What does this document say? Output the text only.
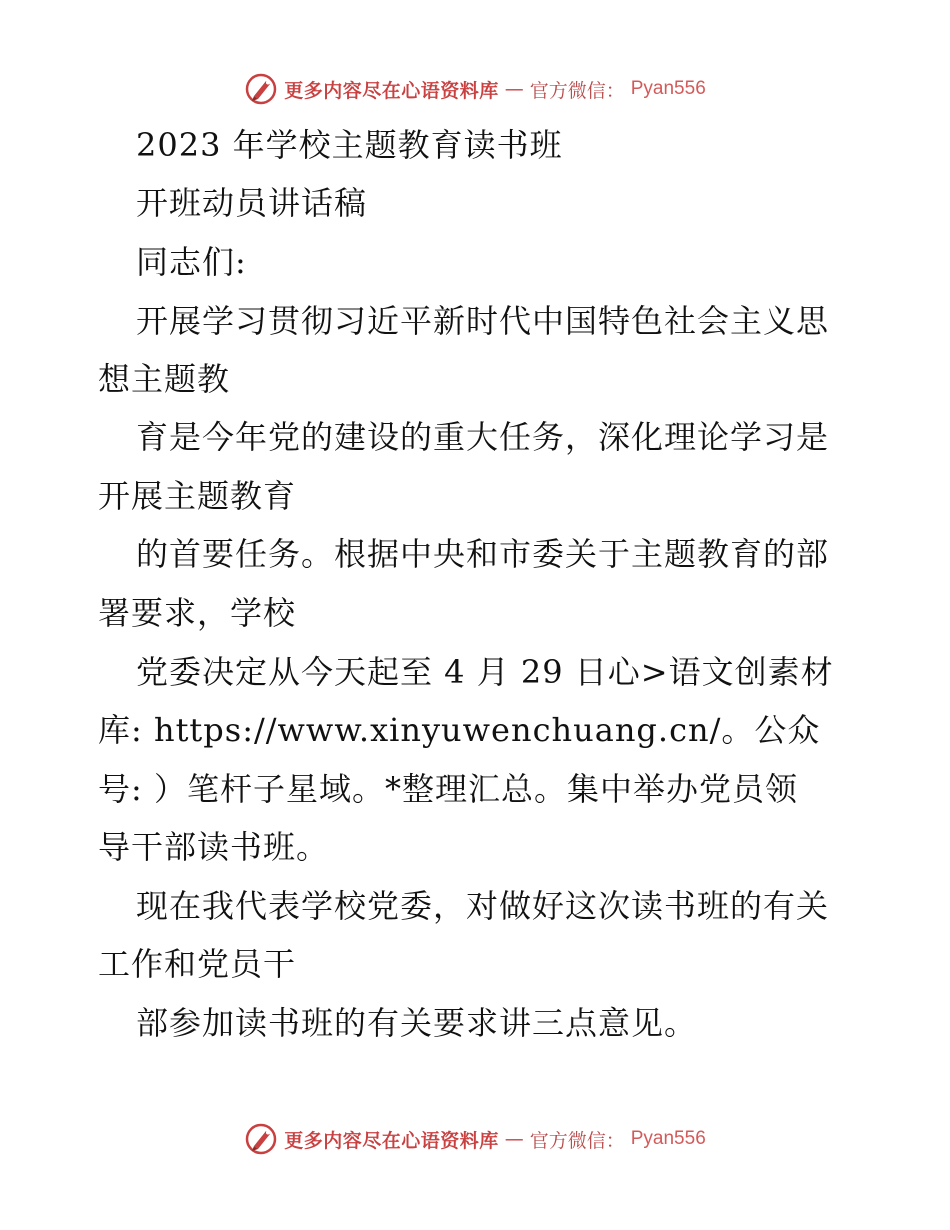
更多内容尽在心语资料库 — 官方微信： Pyan556
2023 年学校主题教育读书班
开班动员讲话稿
同志们:
开展学习贯彻习近平新时代中国特色社会主义思
想主题教
育是今年党的建设的重大任务，深化理论学习是
开展主题教育
的首要任务。根据中央和市委关于主题教育的部
署要求，学校
党委决定从今天起至 4 月 29 日心>语文创素材
库: https://www.xinyuwenchuang.cn/。公众
号: ）笔杆子星域。*整理汇总。集中举办党员领
导干部读书班。
现在我代表学校党委，对做好这次读书班的有关
工作和党员干
部参加读书班的有关要求讲三点意见。
更多内容尽在心语资料库 — 官方微信： Pyan556
